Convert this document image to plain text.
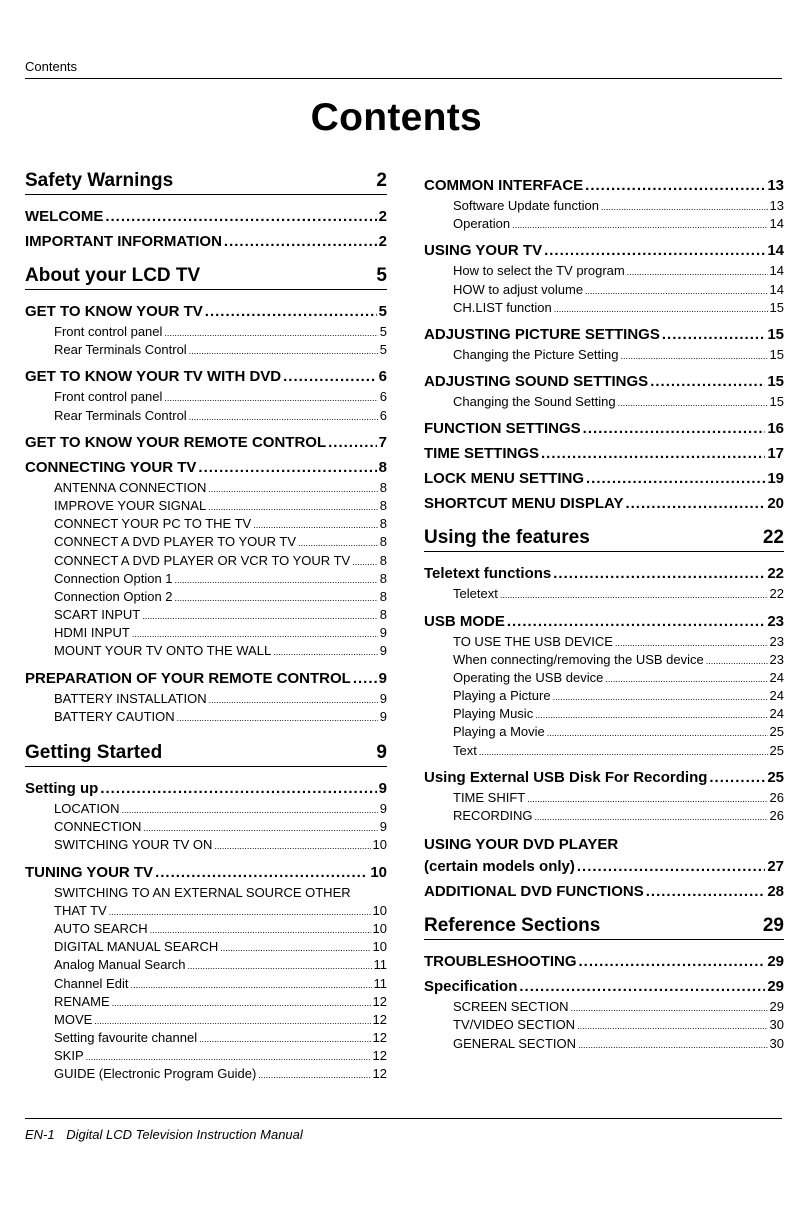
Contents
Contents
Safety Warnings	2
WELCOME .....	2
IMPORTANT INFORMATION .....	2
About your LCD TV	5
GET TO KNOW YOUR TV .....	5
Front control panel .....	5
Rear Terminals Control .....	5
GET TO KNOW YOUR TV WITH DVD .....	6
Front control panel .....	6
Rear Terminals Control .....	6
GET TO KNOW YOUR REMOTE CONTROL .....	7
CONNECTING YOUR TV .....	8
ANTENNA CONNECTION .....	8
IMPROVE YOUR SIGNAL .....	8
CONNECT YOUR PC TO THE TV .....	8
CONNECT A DVD PLAYER TO YOUR TV .....	8
CONNECT A DVD PLAYER OR VCR TO YOUR TV ..... 8
Connection Option 1 .....	8
Connection Option 2 .....	8
SCART INPUT .....	8
HDMI INPUT .....	9
MOUNT YOUR TV ONTO THE WALL .....	9
PREPARATION OF YOUR REMOTE CONTROL ..... 9
BATTERY INSTALLATION .....	9
BATTERY CAUTION .....	9
Getting Started	9
Setting up .....	9
LOCATION .....	9
CONNECTION .....	9
SWITCHING YOUR TV ON .....	10
TUNING YOUR TV .....	10
SWITCHING TO AN EXTERNAL SOURCE OTHER
THAT TV .....	10
AUTO SEARCH .....	10
DIGITAL MANUAL SEARCH .....	10
Analog Manual Search .....	11
Channel Edit .....	11
RENAME .....	12
MOVE .....	12
Setting favourite channel .....	12
SKIP .....	12
GUIDE (Electronic Program Guide) .....	12
COMMON INTERFACE .....	13
Software Update function .....	13
Operation .....	14
USING YOUR TV .....	14
How to select the TV program .....	14
HOW to adjust volume .....	14
CH.LIST function .....	15
ADJUSTING PICTURE SETTINGS .....	15
Changing the Picture Setting .....	15
ADJUSTING SOUND SETTINGS .....	15
Changing the Sound Setting .....	15
FUNCTION SETTINGS .....	16
TIME SETTINGS .....	17
LOCK MENU SETTING .....	19
SHORTCUT MENU DISPLAY .....	20
Using the features	22
Teletext functions .....	22
Teletext .....	22
USB MODE .....	23
TO USE THE USB DEVICE .....	23
When connecting/removing the USB device .....	23
Operating the USB device .....	24
Playing a Picture .....	24
Playing Music .....	24
Playing a Movie .....	25
Text .....	25
Using External USB Disk For Recording .....	25
TIME SHIFT .....	26
RECORDING .....	26
USING YOUR DVD PLAYER
(certain models only) .....	27
ADDITIONAL DVD FUNCTIONS .....	28
Reference Sections	29
TROUBLESHOOTING .....	29
Specification .....	29
SCREEN SECTION .....	29
TV/VIDEO SECTION .....	30
GENERAL SECTION .....	30
EN-1 Digital LCD Television Instruction Manual
